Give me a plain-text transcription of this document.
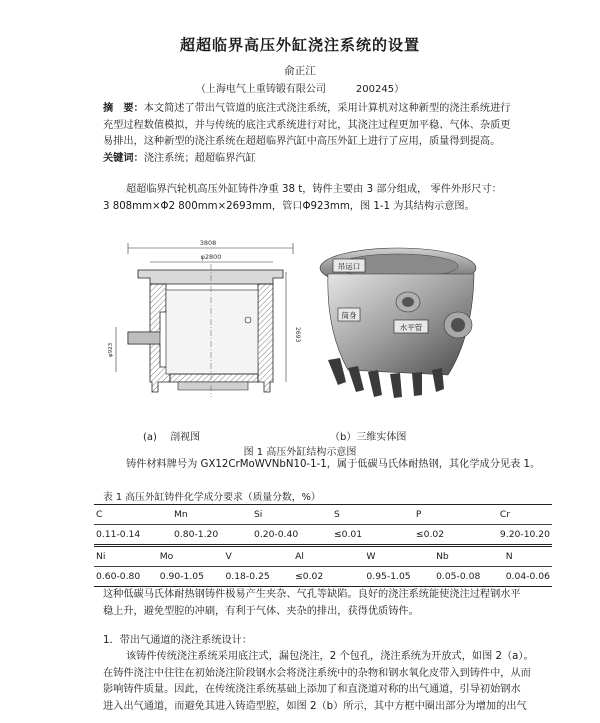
超超临界高压外缸浇注系统的设置
俞正江
（上海电气上重铸锻有限公司	200245）
摘　要：本文简述了带出气管道的底注式浇注系统，采用计算机对这种新型的浇注系统进行
充型过程数值模拟，并与传统的底注式系统进行对比，其浇注过程更加平稳、气体、杂质更
易排出，这种新型的浇注系统在超超临界汽缸中高压外缸上进行了应用，质量得到提高。
关键词：浇注系统；超超临界汽缸
超超临界汽轮机高压外缸铸件净重 38 t，铸件主要由 3 部分组成， 零件外形尺寸：
3 808mm×Φ2 800mm×2693mm，管口Φ923mm，图 1-1 为其结构示意图。
3808
φ2800
2693
φ923
吊运口
筒身
水平管
(a)　 剖视图	（b）三维实体图
图 1 高压外缸结构示意图
铸件材料牌号为 GX12CrMoWVNbN10-1-1，属于低碳马氏体耐热钢，其化学成分见表 1。
表 1 高压外缸铸件化学成分要求（质量分数，%）
C	Mn	Si	S	P	Cr
0.11-0.14	0.80-1.20	0.20-0.40	≤0.01	≤0.02	9.20-10.20
Ni	Mo	V	Al	W	Nb	N
0.60-0.80	0.90-1.05	0.18-0.25	≤0.02	0.95-1.05	0.05-0.08	0.04-0.06
这种低碳马氏体耐热钢铸件极易产生夹杂、气孔等缺陷。良好的浇注系统能使浇注过程钢水平
稳上升，避免型腔的冲刷，有利于气体、夹杂的排出，获得优质铸件。
1．带出气通道的浇注系统设计：
该铸件传统浇注系统采用底注式，漏包浇注，2 个包孔，浇注系统为开放式，如图 2（a）。
在铸件浇注中往往在初始浇注阶段钢水会将浇注系统中的杂物和钢水氧化皮带入到铸件中，从而
影响铸件质量。因此，在传统浇注系统基础上添加了和直浇道对称的出气通道，引导初始钢水
进入出气通道，而避免其进入铸造型腔，如图 2（b）所示，其中方框中圈出部分为增加的出气
